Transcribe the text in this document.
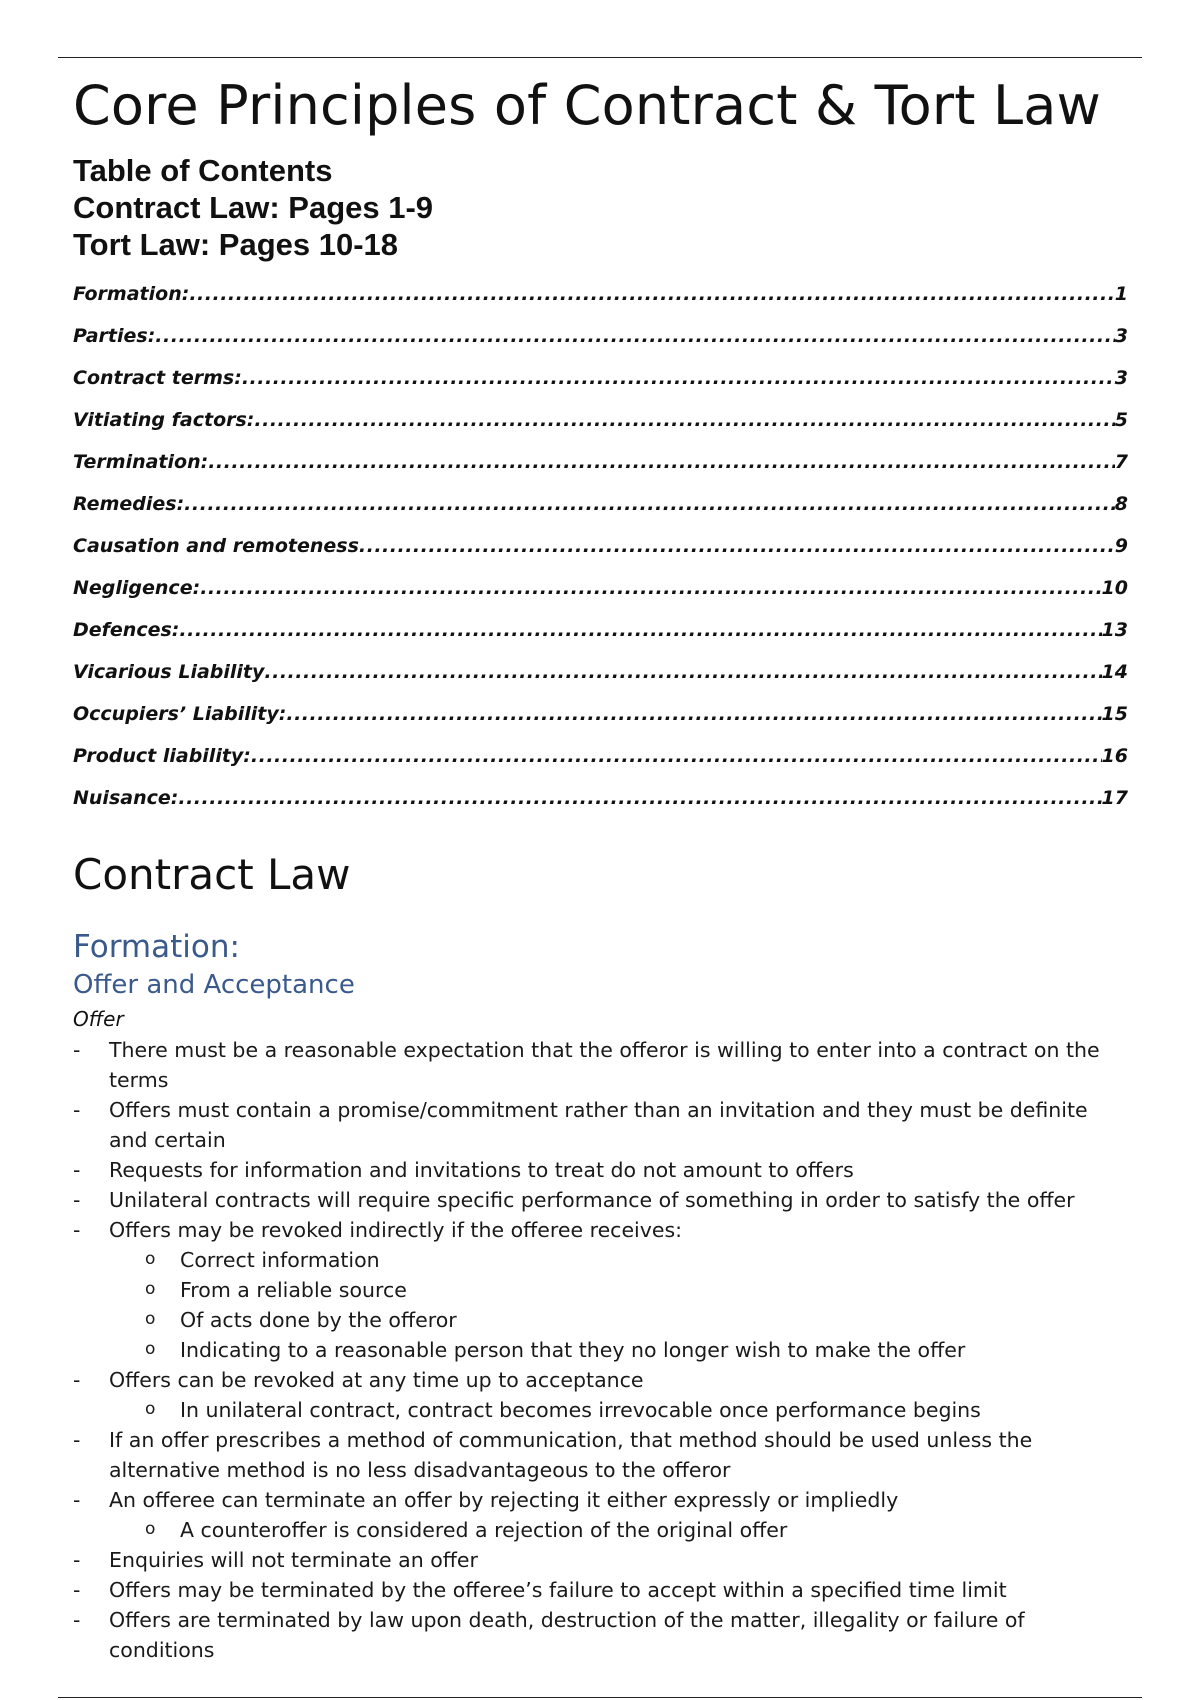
Core Principles of Contract & Tort Law
Table of Contents
Contract Law: Pages 1-9
Tort Law: Pages 10-18
Formation: .....	1
Parties: .....	3
Contract terms: .....	3
Vitiating factors: .....	5
Termination: .....	7
Remedies: .....	8
Causation and remoteness .....	9
Negligence: .....	10
Defences: .....	13
Vicarious Liability .....	14
Occupiers’ Liability: .....	15
Product liability: .....	16
Nuisance: .....	17
Contract Law
Formation:
Offer and Acceptance
Offer
- There must be a reasonable expectation that the offeror is willing to enter into a contract on the terms
- Offers must contain a promise/commitment rather than an invitation and they must be definite and certain
- Requests for information and invitations to treat do not amount to offers
- Unilateral contracts will require specific performance of something in order to satisfy the offer
- Offers may be revoked indirectly if the offeree receives:
o Correct information
o From a reliable source
o Of acts done by the offeror
o Indicating to a reasonable person that they no longer wish to make the offer
- Offers can be revoked at any time up to acceptance
o In unilateral contract, contract becomes irrevocable once performance begins
- If an offer prescribes a method of communication, that method should be used unless the alternative method is no less disadvantageous to the offeror
- An offeree can terminate an offer by rejecting it either expressly or impliedly
o A counteroffer is considered a rejection of the original offer
- Enquiries will not terminate an offer
- Offers may be terminated by the offeree’s failure to accept within a specified time limit
- Offers are terminated by law upon death, destruction of the matter, illegality or failure of conditions
